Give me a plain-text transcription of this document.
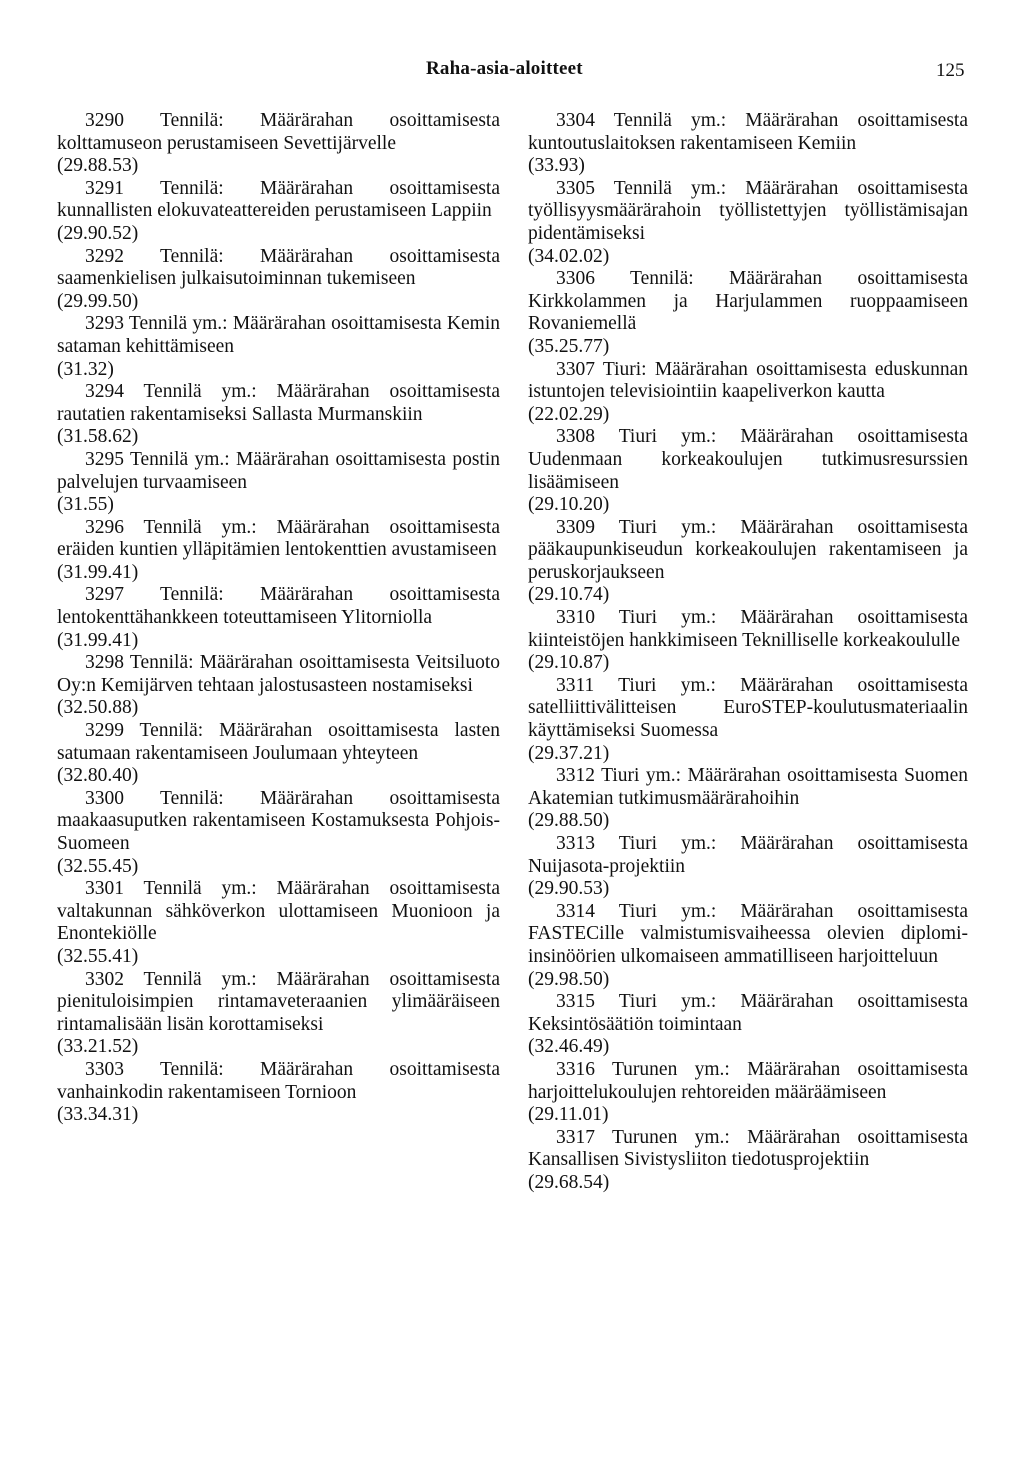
Raha-asia-aloitteet	125

3290 Tennilä: Määrärahan osoittamisesta kolttamuseon perustamiseen Sevettijärvelle

(29.88.53)

3291 Tennilä: Määrärahan osoittamisesta kunnallisten elokuvateattereiden perustamiseen Lappiin

(29.90.52)

3292 Tennilä: Määrärahan osoittamisesta saamenkielisen julkaisutoiminnan tukemiseen

(29.99.50)

3293 Tennilä ym.: Määrärahan osoittamisesta Kemin sataman kehittämiseen

(31.32)

3294 Tennilä ym.: Määrärahan osoittamisesta rautatien rakentamiseksi Sallasta Murmanskiin

(31.58.62)

3295 Tennilä ym.: Määrärahan osoittamisesta postin palvelujen turvaamiseen

(31.55)

3296 Tennilä ym.: Määrärahan osoittamisesta eräiden kuntien ylläpitämien lentokenttien avustamiseen

(31.99.41)

3297 Tennilä: Määrärahan osoittamisesta lentokenttähankkeen toteuttamiseen Ylitorniolla

(31.99.41)

3298 Tennilä: Määrärahan osoittamisesta Veitsiluoto Oy:n Kemijärven tehtaan jalostusasteen nostamiseksi

(32.50.88)

3299 Tennilä: Määrärahan osoittamisesta lasten satumaan rakentamiseen Joulumaan yhteyteen

(32.80.40)

3300 Tennilä: Määrärahan osoittamisesta maakaasuputken rakentamiseen Kostamuksesta Pohjois-Suomeen

(32.55.45)

3301 Tennilä ym.: Määrärahan osoittamisesta valtakunnan sähköverkon ulottamiseen Muonioon ja Enontekiölle

(32.55.41)

3302 Tennilä ym.: Määrärahan osoittamisesta pienituloisimpien rintamaveteraanien ylimääräiseen rintamalisään lisän korottamiseksi

(33.21.52)

3303 Tennilä: Määrärahan osoittamisesta vanhainkodin rakentamiseen Tornioon

(33.34.31)

3304 Tennilä ym.: Määrärahan osoittamisesta kuntoutuslaitoksen rakentamiseen Kemiin

(33.93)

3305 Tennilä ym.: Määrärahan osoittamisesta työllisyysmäärärahoin työllistettyjen työllistämisajan pidentämiseksi

(34.02.02)

3306 Tennilä: Määrärahan osoittamisesta Kirkkolammen ja Harjulammen ruoppaamiseen Rovaniemellä

(35.25.77)

3307 Tiuri: Määrärahan osoittamisesta eduskunnan istuntojen televisiointiin kaapeliverkon kautta

(22.02.29)

3308 Tiuri ym.: Määrärahan osoittamisesta Uudenmaan korkeakoulujen tutkimusresurssien lisäämiseen

(29.10.20)

3309 Tiuri ym.: Määrärahan osoittamisesta pääkaupunkiseudun korkeakoulujen rakentamiseen ja peruskorjaukseen

(29.10.74)

3310 Tiuri ym.: Määrärahan osoittamisesta kiinteistöjen hankkimiseen Teknilliselle korkeakoululle

(29.10.87)

3311 Tiuri ym.: Määrärahan osoittamisesta satelliittivälitteisen EuroSTEP-koulutusmateriaalin käyttämiseksi Suomessa

(29.37.21)

3312 Tiuri ym.: Määrärahan osoittamisesta Suomen Akatemian tutkimusmäärärahoihin

(29.88.50)

3313 Tiuri ym.: Määrärahan osoittamisesta Nuijasota-projektiin

(29.90.53)

3314 Tiuri ym.: Määrärahan osoittamisesta FASTECille valmistumisvaiheessa olevien diplomi-insinöörien ulkomaiseen ammatilliseen harjoitteluun

(29.98.50)

3315 Tiuri ym.: Määrärahan osoittamisesta Keksintösäätiön toimintaan

(32.46.49)

3316 Turunen ym.: Määrärahan osoittamisesta harjoittelukoulujen rehtoreiden määräämiseen

(29.11.01)

3317 Turunen ym.: Määrärahan osoittamisesta Kansallisen Sivistysliiton tiedotusprojektiin

(29.68.54)
